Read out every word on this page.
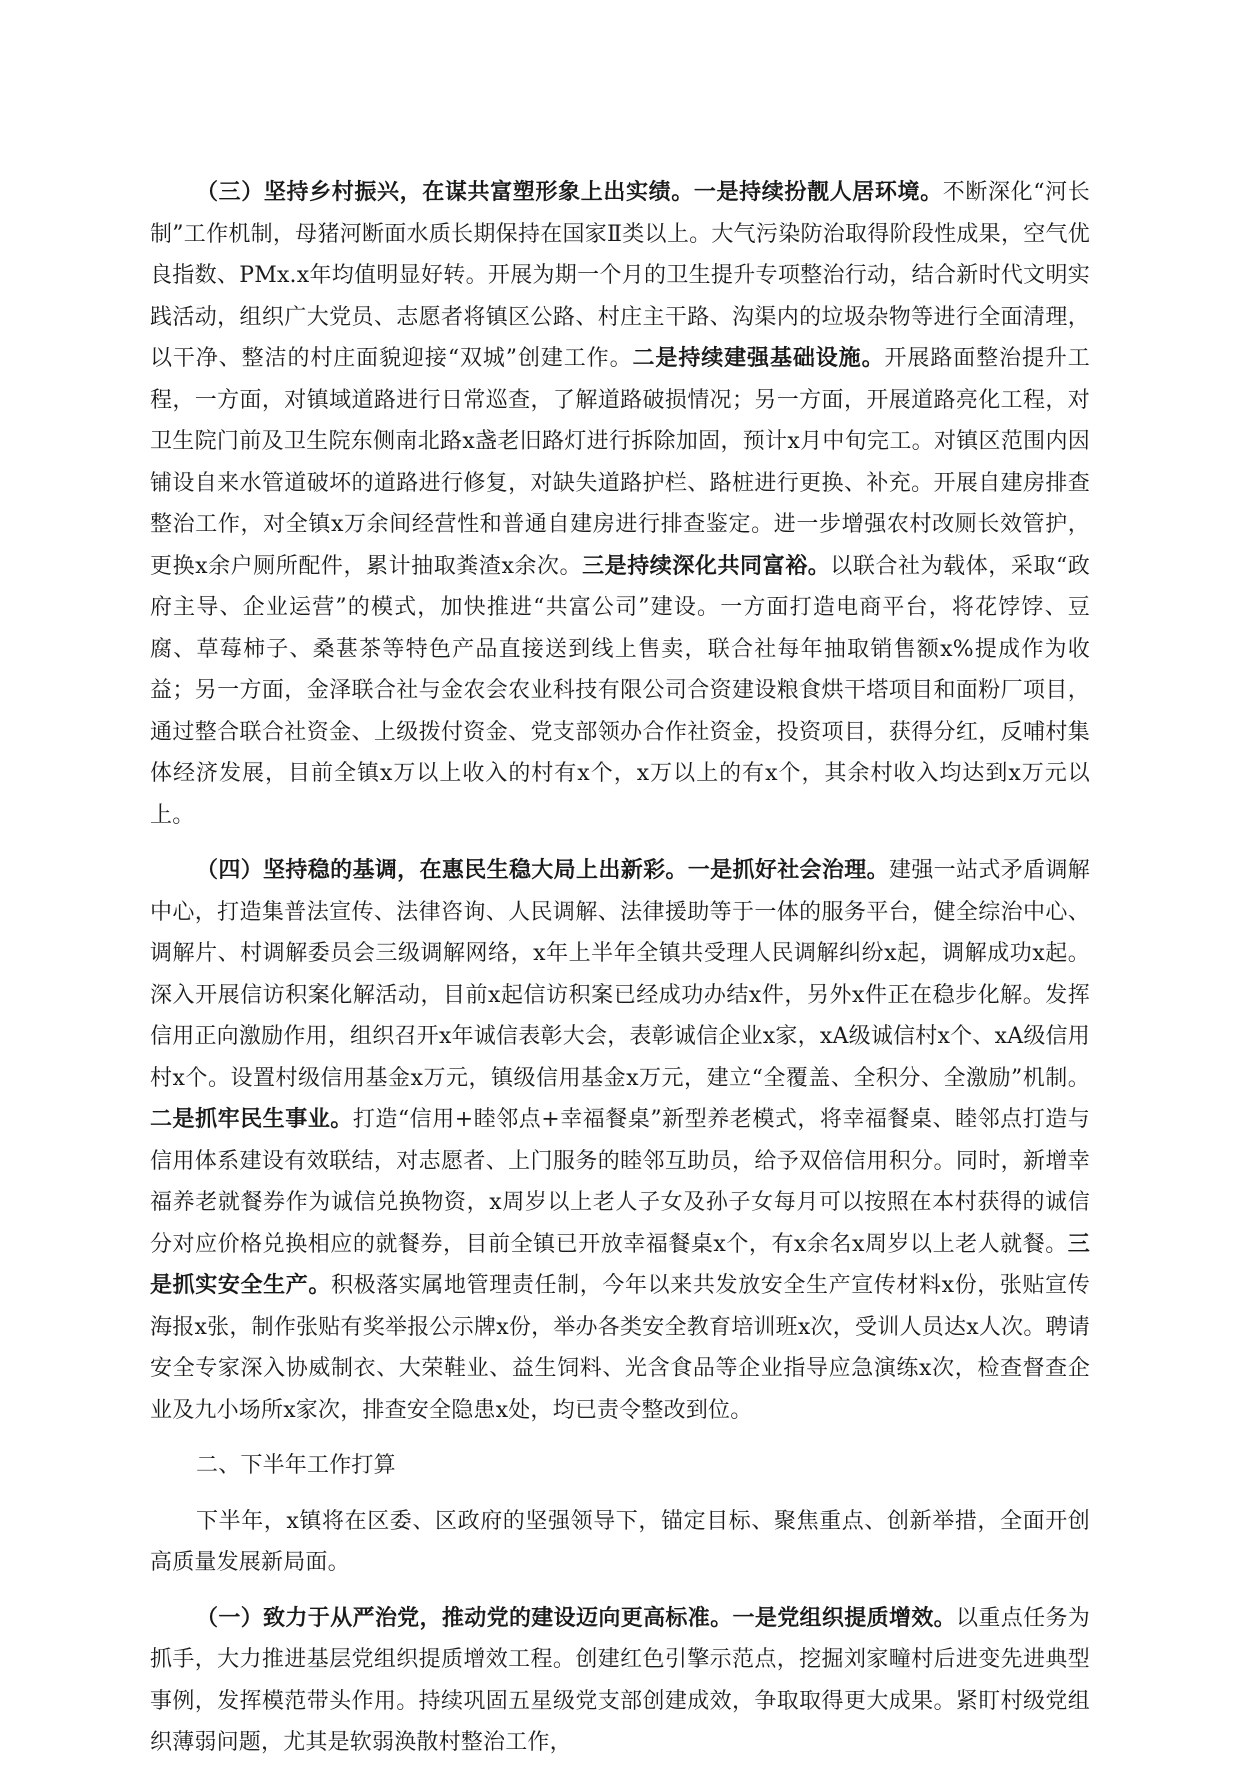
（三）坚持乡村振兴，在谋共富塑形象上出实绩。一是持续扮靓人居环境。不断深化“河长制”工作机制，母猪河断面水质长期保持在国家Ⅱ类以上。大气污染防治取得阶段性成果，空气优良指数、PMx.x年均值明显好转。开展为期一个月的卫生提升专项整治行动，结合新时代文明实践活动，组织广大党员、志愿者将镇区公路、村庄主干路、沟渠内的垃圾杂物等进行全面清理，以干净、整洁的村庄面貌迎接“双城”创建工作。二是持续建强基础设施。开展路面整治提升工程，一方面，对镇域道路进行日常巡查，了解道路破损情况；另一方面，开展道路亮化工程，对卫生院门前及卫生院东侧南北路x盏老旧路灯进行拆除加固，预计x月中旬完工。对镇区范围内因铺设自来水管道破坏的道路进行修复，对缺失道路护栏、路桩进行更换、补充。开展自建房排查整治工作，对全镇x万余间经营性和普通自建房进行排查鉴定。进一步增强农村改厕长效管护，更换x余户厕所配件，累计抽取粪渣x余次。三是持续深化共同富裕。以联合社为载体，采取“政府主导、企业运营”的模式，加快推进“共富公司”建设。一方面打造电商平台，将花饽饽、豆腐、草莓柿子、桑葚茶等特色产品直接送到线上售卖，联合社每年抽取销售额x%提成作为收益；另一方面，金泽联合社与金农会农业科技有限公司合资建设粮食烘干塔项目和面粉厂项目，通过整合联合社资金、上级拨付资金、党支部领办合作社资金，投资项目，获得分红，反哺村集体经济发展，目前全镇x万以上收入的村有x个，x万以上的有x个，其余村收入均达到x万元以上。

（四）坚持稳的基调，在惠民生稳大局上出新彩。一是抓好社会治理。建强一站式矛盾调解中心，打造集普法宣传、法律咨询、人民调解、法律援助等于一体的服务平台，健全综治中心、调解片、村调解委员会三级调解网络，x年上半年全镇共受理人民调解纠纷x起，调解成功x起。深入开展信访积案化解活动，目前x起信访积案已经成功办结x件，另外x件正在稳步化解。发挥信用正向激励作用，组织召开x年诚信表彰大会，表彰诚信企业x家，xA级诚信村x个、xA级信用村x个。设置村级信用基金x万元，镇级信用基金x万元，建立“全覆盖、全积分、全激励”机制。二是抓牢民生事业。打造“信用+睦邻点+幸福餐桌”新型养老模式，将幸福餐桌、睦邻点打造与信用体系建设有效联结，对志愿者、上门服务的睦邻互助员，给予双倍信用积分。同时，新增幸福养老就餐券作为诚信兑换物资，x周岁以上老人子女及孙子女每月可以按照在本村获得的诚信分对应价格兑换相应的就餐券，目前全镇已开放幸福餐桌x个，有x余名x周岁以上老人就餐。三是抓实安全生产。积极落实属地管理责任制，今年以来共发放安全生产宣传材料x份，张贴宣传海报x张，制作张贴有奖举报公示牌x份，举办各类安全教育培训班x次，受训人员达x人次。聘请安全专家深入协威制衣、大荣鞋业、益生饲料、光含食品等企业指导应急演练x次，检查督查企业及九小场所x家次，排查安全隐患x处，均已责令整改到位。

二、下半年工作打算

下半年，x镇将在区委、区政府的坚强领导下，锚定目标、聚焦重点、创新举措，全面开创高质量发展新局面。

（一）致力于从严治党，推动党的建设迈向更高标准。一是党组织提质增效。以重点任务为抓手，大力推进基层党组织提质增效工程。创建红色引擎示范点，挖掘刘家疃村后进变先进典型事例，发挥模范带头作用。持续巩固五星级党支部创建成效，争取取得更大成果。紧盯村级党组织薄弱问题，尤其是软弱涣散村整治工作，
